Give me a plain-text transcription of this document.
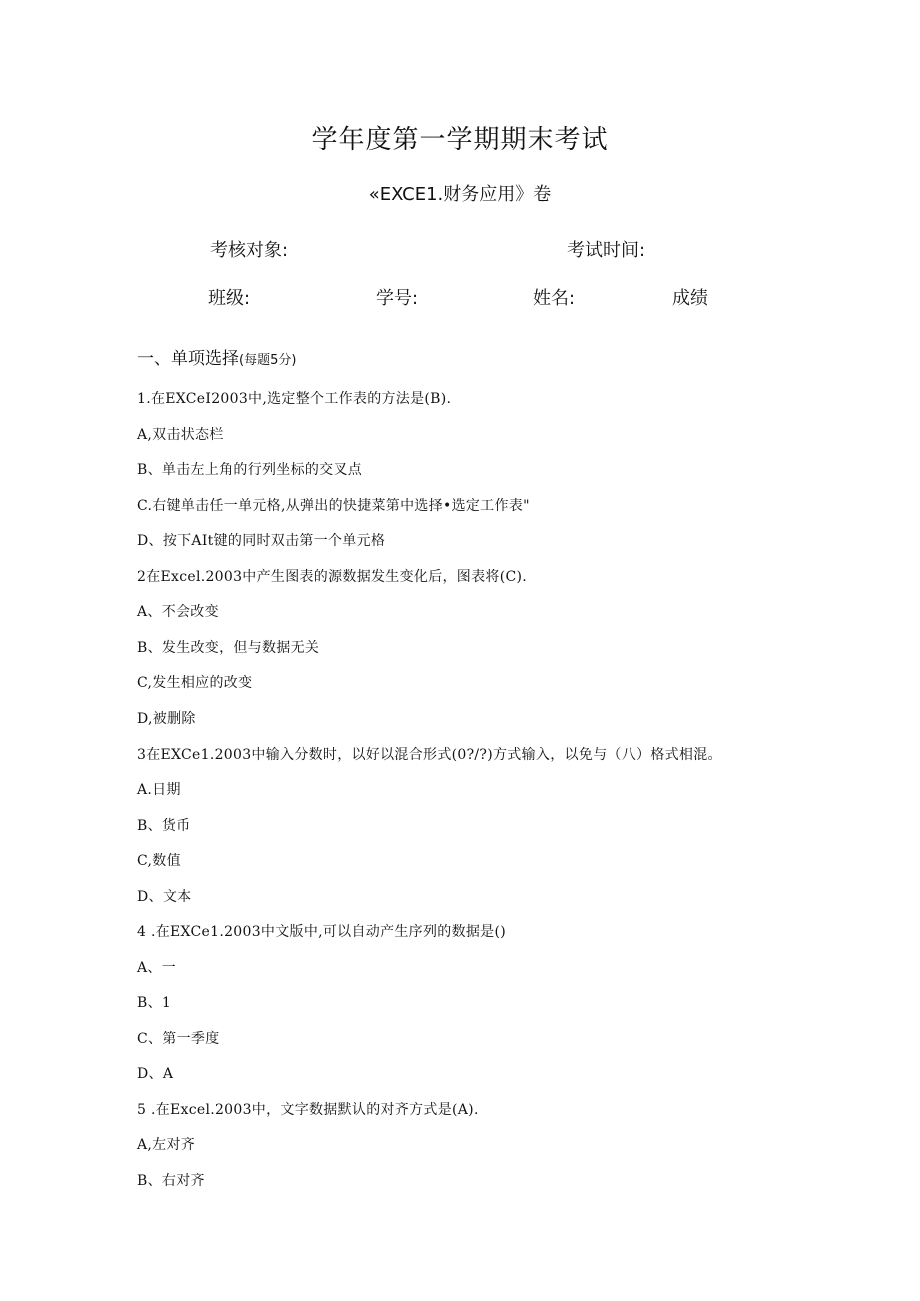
学年度第一学期期末考试
«EXCE1.财务应用》卷
考核对象:	考试时间:
班级:	学号:	姓名:	成绩
一、单项选择(每题5分)
1.在EXCeI2003中,选定整个工作表的方法是(B).
A,双击状态栏
B、单击左上角的行列坐标的交叉点
C.右键单击任一单元格,从弹出的快捷菜第中选择•选定工作表"
D、按下AIt键的同时双击第一个单元格
2在Excel.2003中产生图表的源数据发生变化后，图表将(C).
A、不会改变
B、发生改变，但与数据无关
C,发生相应的改变
D,被删除
3在EXCe1.2003中输入分数时，以好以混合形式(0?/?)方式输入，以免与（八）格式相混。
A.日期
B、货币
C,数值
D、文本
4 .在EXCe1.2003中文版中,可以自动产生序列的数据是()
A、一
B、1
C、第一季度
D、A
5 .在Excel.2003中，文字数据默认的对齐方式是(A).
A,左对齐
B、右对齐
